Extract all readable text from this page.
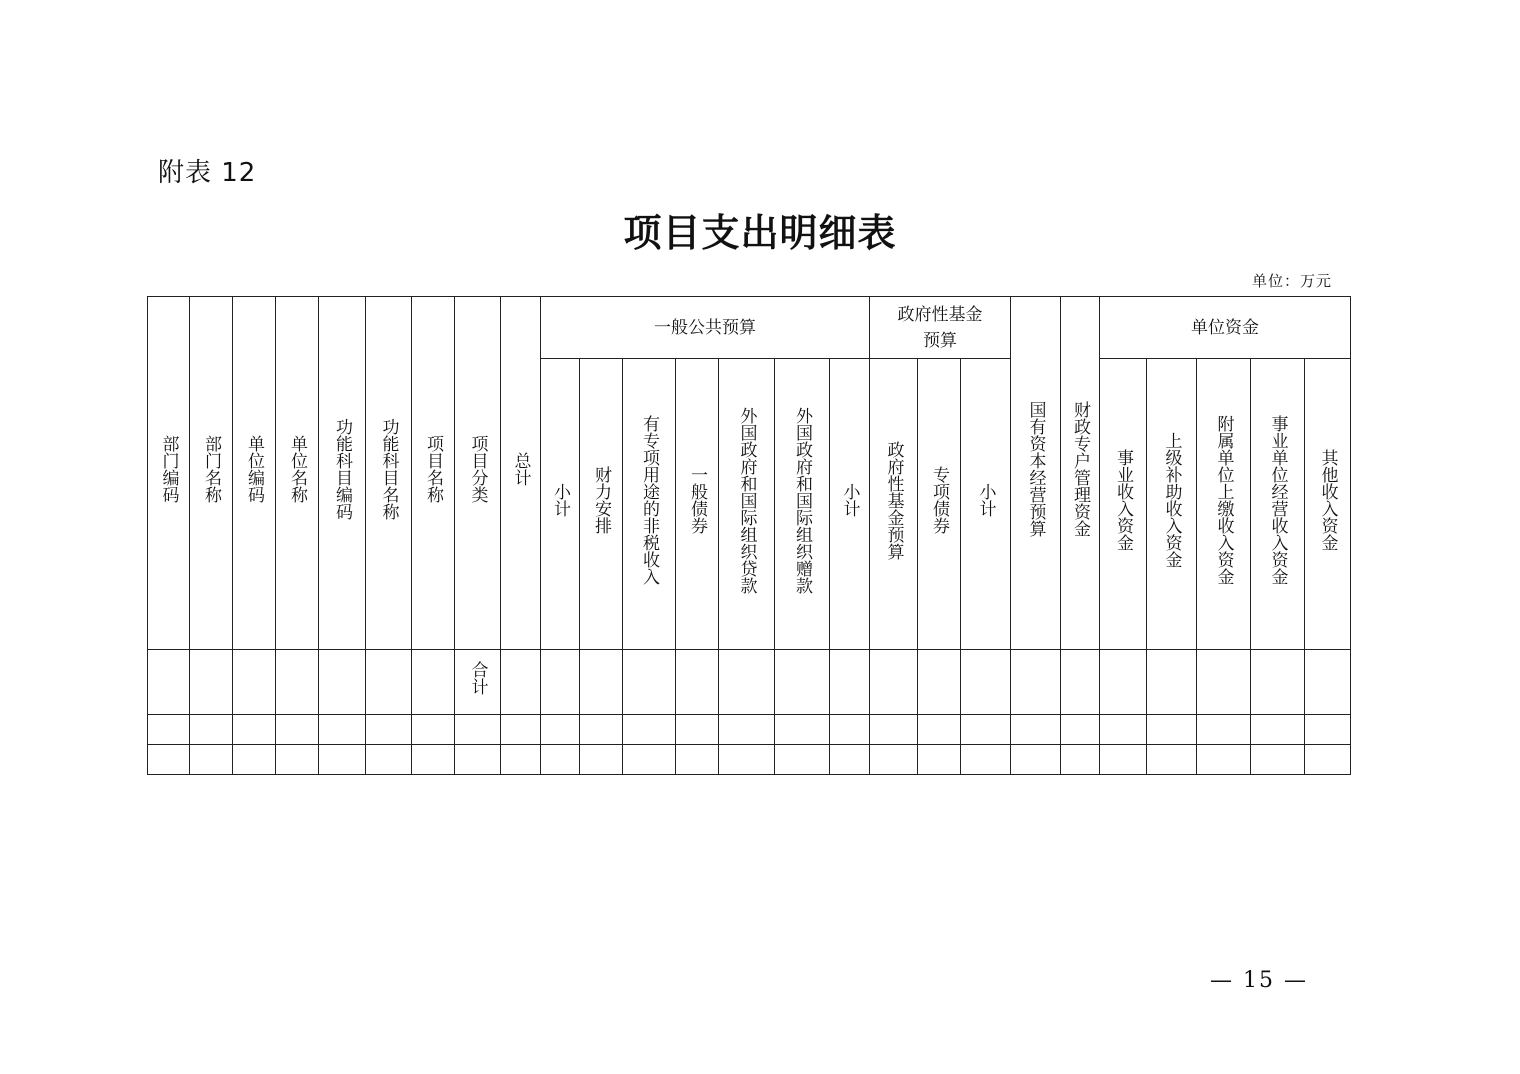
附表 12
项目支出明细表
单位：万元
部门编码	部门名称	单位编码	单位名称	功能科目编码	功能科目名称	项目名称	项目分类	总计	一般公共预算							政府性基金预算			国有资本经营预算	财政专户管理资金	单位资金				
									小计	财力安排	有专项用途的非税收入	一般债券	外国政府和国际组织贷款	外国政府和国际组织赠款	小计	政府性基金预算	专项债券	小计			事业收入资金	上级补助收入资金	附属单位上缴收入资金	事业单位经营收入资金	其他收入资金
							合计																		

— 15 —
